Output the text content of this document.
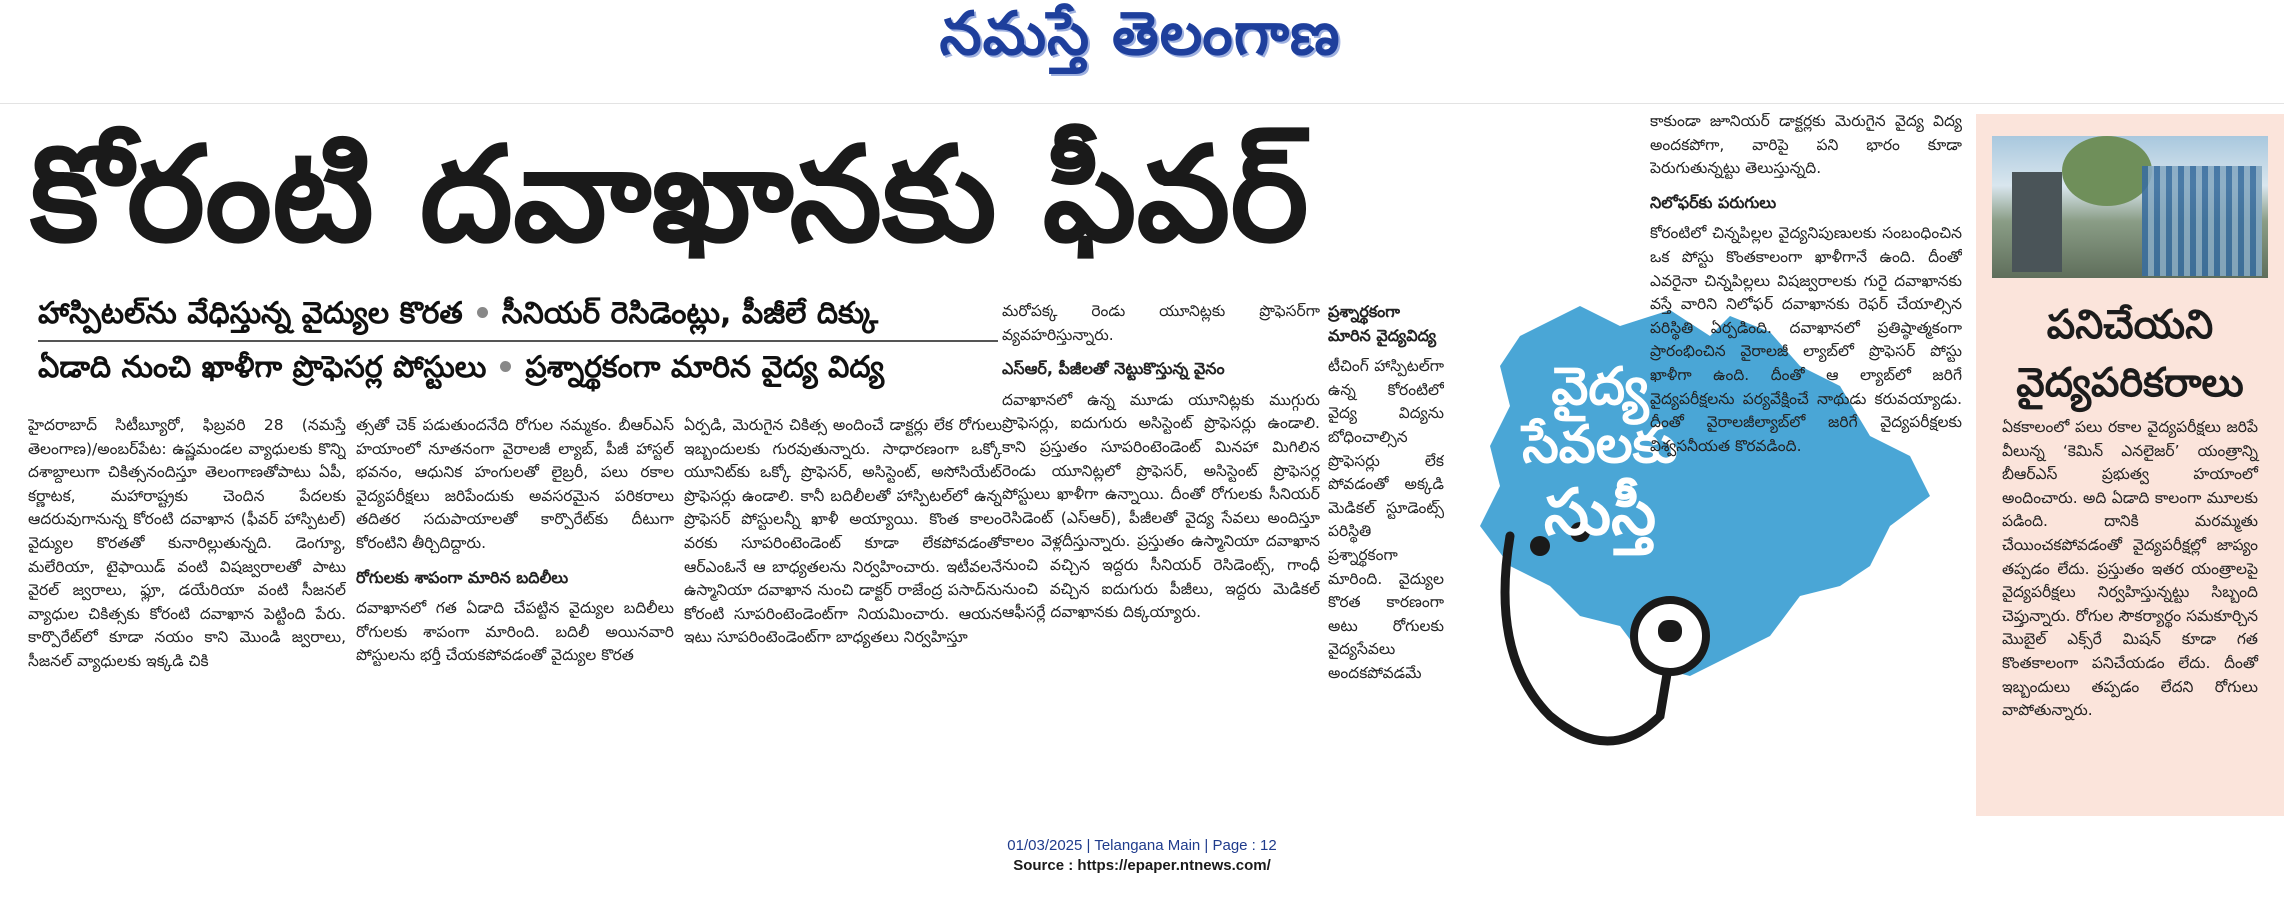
నమస్తే తెలంగాణ
కోరంటి దవాఖానకు ఫీవర్
హాస్పిటల్‌ను వేధిస్తున్న వైద్యుల కొరత సీనియర్ రెసిడెంట్లు, పీజీలే దిక్కు
ఏడాది నుంచి ఖాళీగా ప్రొఫెసర్ల పోస్టులు ప్రశ్నార్థకంగా మారిన వైద్య విద్య

హైదరాబాద్ సిటీబ్యూరో, ఫిబ్రవరి 28 (నమస్తే తెలంగాణ)/అంబర్‌పేట: ఉష్ణమండల వ్యాధులకు కొన్ని దశాబ్దాలుగా చికిత్సనందిస్తూ తెలంగాణతోపాటు ఏపీ, కర్ణాటక, మహారాష్ట్రకు చెందిన పేదలకు ఆదరువుగానున్న కోరంటి దవాఖాన (ఫీవర్ హాస్పిటల్) వైద్యుల కొరతతో కునారిల్లుతున్నది. డెంగ్యూ, మలేరియా, టైఫాయిడ్ వంటి విషజ్వరాలతో పాటు వైరల్ జ్వరాలు, ఫ్లూ, డయేరియా వంటి సీజనల్ వ్యాధుల చికిత్సకు కోరంటి దవాఖాన పెట్టింది పేరు. కార్పొరేట్‌లో కూడా నయం కాని మొండి జ్వరాలు, సీజనల్ వ్యాధులకు ఇక్కడి చికి

త్సతో చెక్ పడుతుందనేది రోగుల నమ్మకం. బీఆర్‌ఎస్ హయాంలో నూతనంగా వైరాలజీ ల్యాబ్, పీజీ హాస్టల్ భవనం, ఆధునిక హంగులతో లైబ్రరీ, పలు రకాల వైద్యపరీక్షలు జరిపేందుకు అవసరమైన పరికరాలు తదితర సదుపాయాలతో కార్పొరేట్‌కు దీటుగా కోరంటిని తీర్చిదిద్దారు.

రోగులకు శాపంగా మారిన బదిలీలు

దవాఖానలో గత ఏడాది చేపట్టిన వైద్యుల బదిలీలు రోగులకు శాపంగా మారింది. బదిలీ అయినవారి పోస్టులను భర్తీ చేయకపోవడంతో వైద్యుల కొరత

ఏర్పడి, మెరుగైన చికిత్స అందించే డాక్టర్లు లేక రోగులు ఇబ్బందులకు గురవుతున్నారు. సాధారణంగా ఒక్కో యూనిట్‌కు ఒక్కో ప్రొఫెసర్, అసిస్టెంట్, అసోసియేట్ ప్రొఫెసర్లు ఉండాలి. కానీ బదిలీలతో హాస్పిటల్‌లో ఉన్న ప్రొఫెసర్ పోస్టులన్నీ ఖాళీ అయ్యాయి. కొంత కాలం వరకు సూపరింటెండెంట్ కూడా లేకపోవడంతో ఆర్‌ఎంఓనే ఆ బాధ్యతలను నిర్వహించారు. ఇటీవలనే ఉస్మానియా దవాఖాన నుంచి డాక్టర్ రాజేంద్ర పసాద్‌ను కోరంటి సూపరింటెండెంట్‌గా నియమించారు. ఆయన ఇటు సూపరింటెండెంట్‌గా బాధ్యతలు నిర్వహిస్తూ

మరోపక్క రెండు యూనిట్లకు ప్రొఫెసర్‌గా వ్యవహరిస్తున్నారు.

ఎస్‌ఆర్, పీజీలతో నెట్టుకొస్తున్న వైనం

దవాఖానలో ఉన్న మూడు యూనిట్లకు ముగ్గురు ప్రొఫెసర్లు, ఐదుగురు అసిస్టెంట్ ప్రొఫెసర్లు ఉండాలి. కాని ప్రస్తుతం సూపరింటెండెంట్ మినహా మిగిలిన రెండు యూనిట్లలో ప్రొఫెసర్, అసిస్టెంట్ ప్రొఫెసర్ల పోస్టులు ఖాళీగా ఉన్నాయి. దీంతో రోగులకు సీనియర్ రెసిడెంట్ (ఎస్‌ఆర్), పీజీలతో వైద్య సేవలు అందిస్తూ కాలం వెళ్లదీస్తున్నారు. ప్రస్తుతం ఉస్మానియా దవాఖాన నుంచి వచ్చిన ఇద్దరు సీనియర్ రెసిడెంట్స్, గాంధీ నుంచి వచ్చిన ఐదుగురు పీజీలు, ఇద్దరు మెడికల్ ఆఫీసర్లే దవాఖానకు దిక్కయ్యారు.

వైద్య
సేవలకు
సుస్తీ

ప్రశ్నార్థకంగా మారిన వైద్యవిద్య

టీచింగ్ హాస్పిటల్‌గా ఉన్న కోరంటిలో వైద్య విద్యను బోధించాల్సిన ప్రొఫెసర్లు లేక పోవడంతో అక్కడి మెడికల్ స్టూడెంట్స్ పరిస్థితి ప్రశ్నార్థకంగా మారింది. వైద్యుల కొరత కారణంగా అటు రోగులకు వైద్యసేవలు అందకపోవడమే

కాకుండా జూనియర్ డాక్టర్లకు మెరుగైన వైద్య విద్య అందకపోగా, వారిపై పని భారం కూడా పెరుగుతున్నట్టు తెలుస్తున్నది.

నిలోఫర్‌కు పరుగులు

కోరంటిలో చిన్నపిల్లల వైద్యనిపుణులకు సంబంధించిన ఒక పోస్టు కొంతకాలంగా ఖాళీగానే ఉంది. దీంతో ఎవరైనా చిన్నపిల్లలు విషజ్వరాలకు గురై దవాఖానకు వస్తే వారిని నిలోఫర్ దవాఖానకు రెఫర్ చేయాల్సిన పరిస్థితి ఏర్పడింది. దవాఖానలో ప్రతిష్ఠాత్మకంగా ప్రారంభించిన వైరాలజీ ల్యాబ్‌లో ప్రొఫెసర్ పోస్టు ఖాళీగా ఉంది. దీంతో ఆ ల్యాబ్‌లో జరిగే వైద్యపరీక్షలను పర్యవేక్షించే నాథుడు కరువయ్యాడు. దీంతో వైరాలజీల్యాబ్‌లో జరిగే వైద్యపరీక్షలకు విశ్వసనీయత కొరవడింది.

పనిచేయని
వైద్యపరికరాలు
ఏకకాలంలో పలు రకాల వైద్యపరీక్షలు జరిపే వీలున్న ‘కెమిన్ ఎనలైజర్’ యంత్రాన్ని బీఆర్‌ఎస్ ప్రభుత్వ హయాంలో అందించారు. అది ఏడాది కాలంగా మూలకు పడింది. దానికి మరమ్మతు చేయించకపోవడంతో వైద్యపరీక్షల్లో జాప్యం తప్పడం లేదు. ప్రస్తుతం ఇతర యంత్రాలపై వైద్యపరీక్షలు నిర్వహిస్తున్నట్టు సిబ్బంది చెప్తున్నారు. రోగుల సౌకర్యార్థం సమకూర్చిన మొబైల్ ఎక్స్‌రే మిషన్ కూడా గత కొంతకాలంగా పనిచేయడం లేదు. దీంతో ఇబ్బందులు తప్పడం లేదని రోగులు వాపోతున్నారు.
01/03/2025 | Telangana Main | Page : 12
Source : https://epaper.ntnews.com/
